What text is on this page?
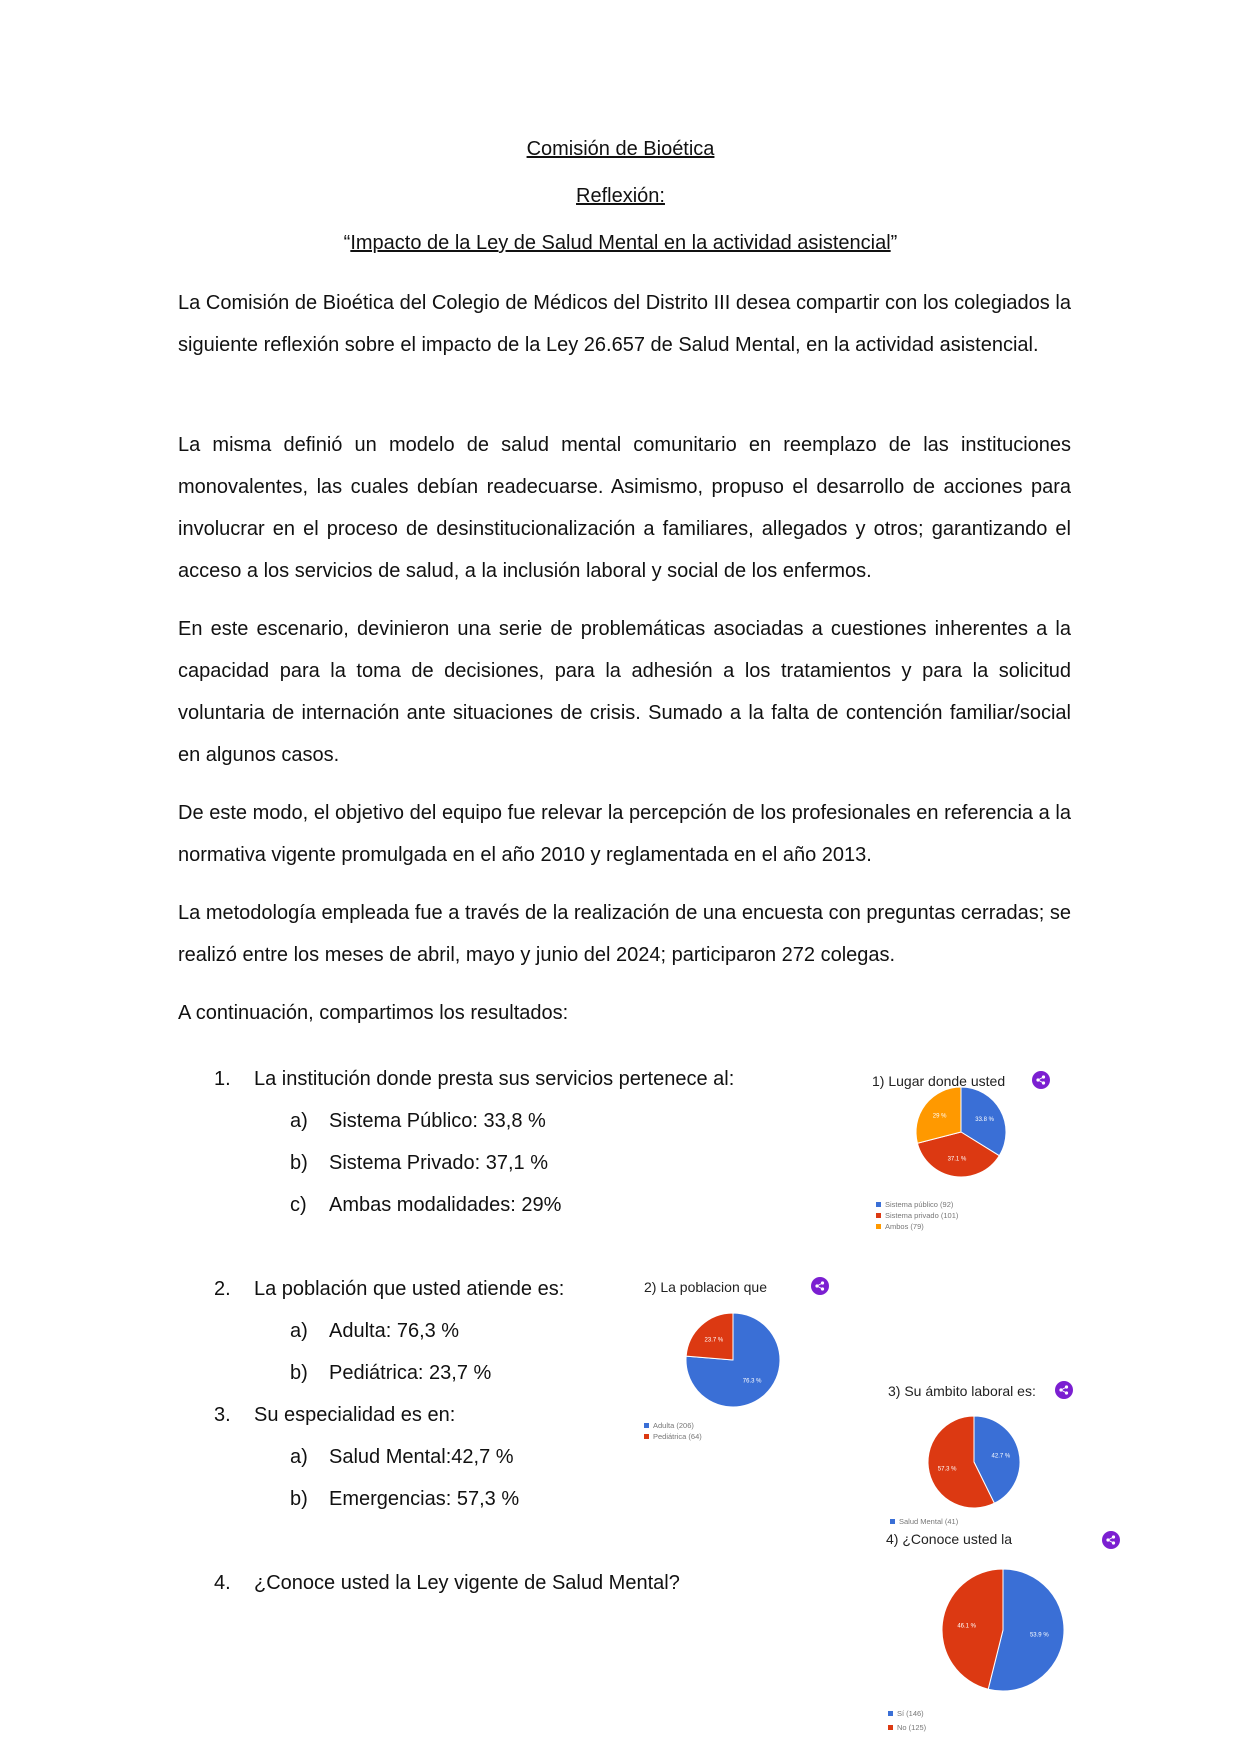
Comisión de Bioética
Reflexión:
“Impacto de la Ley de Salud Mental en la actividad asistencial”

La Comisión de Bioética del Colegio de Médicos del Distrito III desea compartir con los colegiados la siguiente reflexión sobre el impacto de la Ley 26.657 de Salud Mental, en la actividad asistencial.

La misma definió un modelo de salud mental comunitario en reemplazo de las instituciones monovalentes, las cuales debían readecuarse. Asimismo, propuso el desarrollo de acciones para involucrar en el proceso de desinstitucionalización a familiares, allegados y otros; garantizando el acceso a los servicios de salud, a la inclusión laboral y social de los enfermos.

En este escenario, devinieron una serie de problemáticas asociadas a cuestiones inherentes a la capacidad para la toma de decisiones, para la adhesión a los tratamientos y para la solicitud voluntaria de internación ante situaciones de crisis. Sumado a la falta de contención familiar/social en algunos casos.

De este modo, el objetivo del equipo fue relevar la percepción de los profesionales en referencia a la normativa vigente promulgada en el año 2010 y reglamentada en el año 2013.

La metodología empleada fue a través de la realización de una encuesta con preguntas cerradas; se realizó entre los meses de abril, mayo y junio del 2024; participaron 272 colegas.

A continuación, compartimos los resultados:

1. La institución donde presta sus servicios pertenece al:
a) Sistema Público: 33,8 %
b) Sistema Privado: 37,1 %
c) Ambas modalidades: 29%
2. La población que usted atiende es:
a) Adulta: 76,3 %
b) Pediátrica: 23,7 %
3. Su especialidad es en:
a) Salud Mental:42,7 %
b) Emergencias: 57,3 %
4. ¿Conoce usted la Ley vigente de Salud Mental?
1) Lugar donde usted
33.8 %
37.1 %
29 %
Sistema público (92)
Sistema privado (101)
Ambos (79)
2) La poblacion que
76.3 %
23.7 %
Adulta (206)
Pediátrica (64)
3) Su ámbito laboral es:
42.7 %
57.3 %
Salud Mental (41)
4) ¿Conoce usted la
53.9 %
46.1 %
Sí (146)
No (125)
